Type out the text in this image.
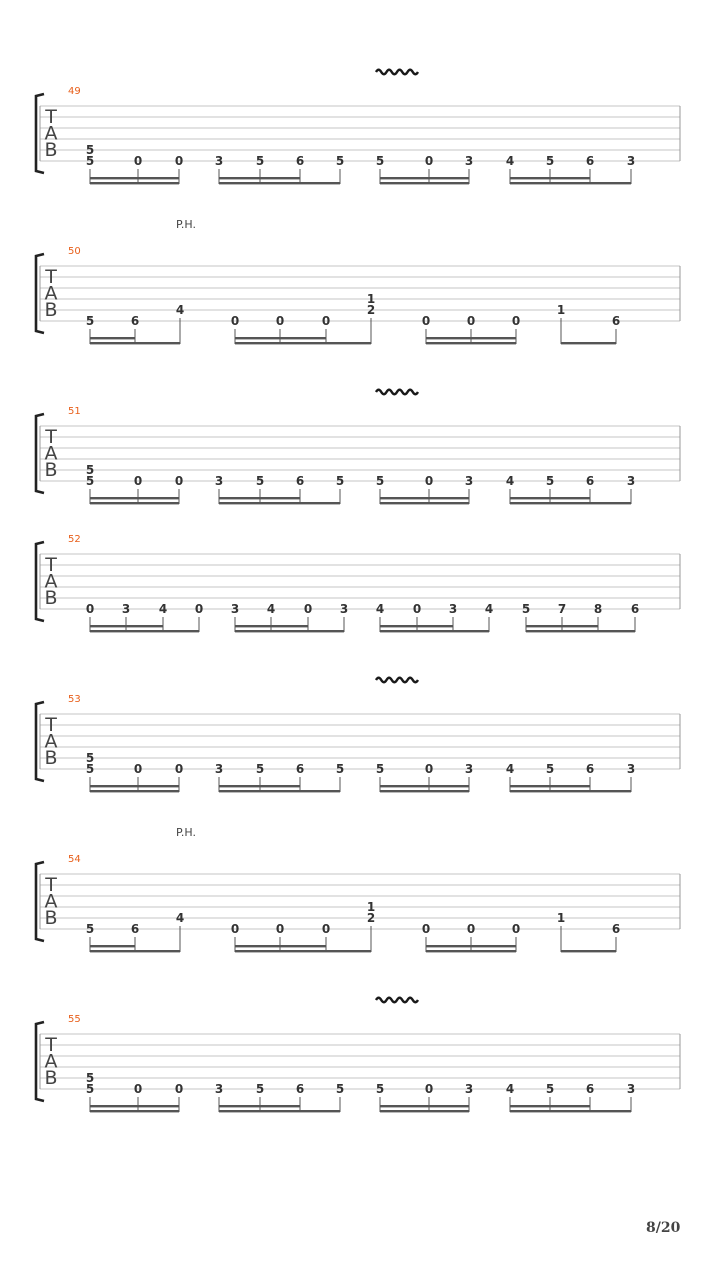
T
A
B
49
5
5	0	0	3	5	6	5	5	0	3	4	5	6	3
T
A
B
50
P.H.
5	6
4
0	0	0
1
2
0	0	0
1
6
T
A
B
51
5
5	0	0	3	5	6	5	5	0	3	4	5	6	3
T
A
B
52
0 3 4 0 3 4 0 3 4 0 3 4 5 7 8 6
T
A
B
53
5
5	0	0	3	5	6	5	5	0	3	4	5	6	3
T
A
B
54
P.H.
5	6
4
0	0	0
1
2
0	0	0
1
6
T
A
B
55
5
5	0	0	3	5	6	5	5	0	3	4	5	6	3
8/20
